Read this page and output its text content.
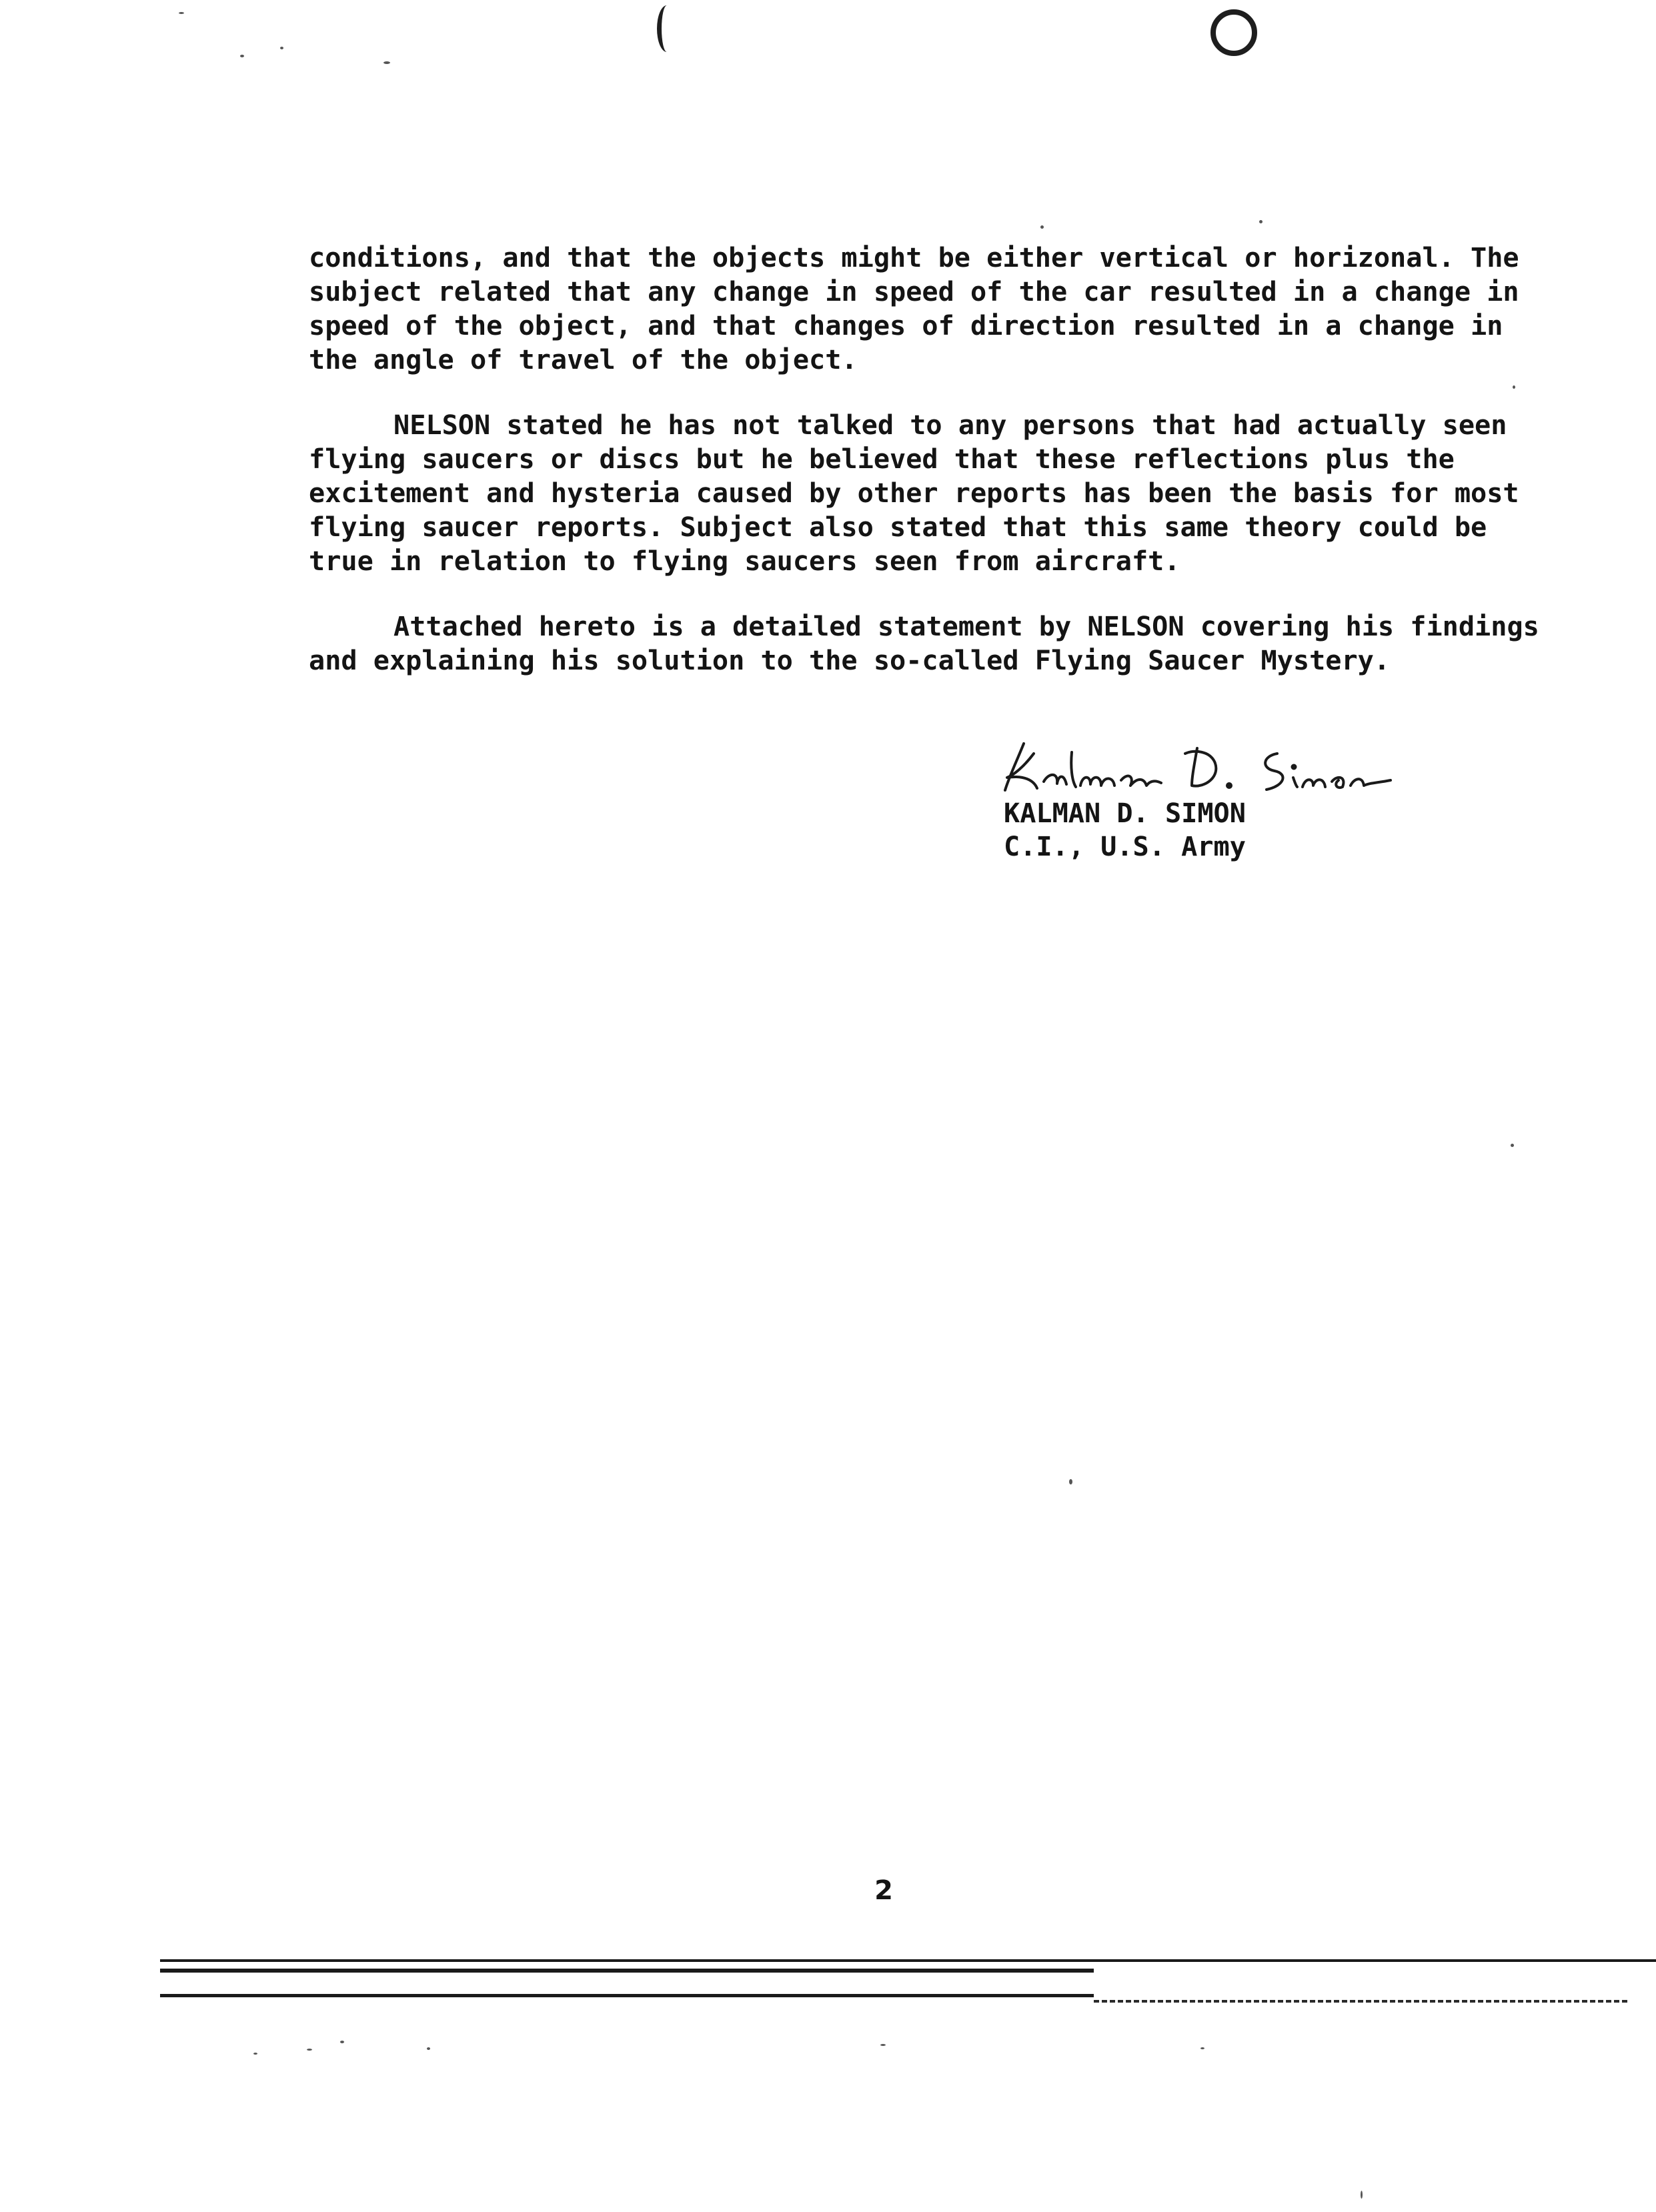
conditions, and that the objects might be either vertical or horizonal. The
subject related that any change in speed of the car resulted in a change in
speed of the object, and that changes of direction resulted in a change in
the angle of travel of the object.

NELSON stated he has not talked to any persons that had actually seen
flying saucers or discs but he believed that these reflections plus the
excitement and hysteria caused by other reports has been the basis for most
flying saucer reports. Subject also stated that this same theory could be
true in relation to flying saucers seen from aircraft.

Attached hereto is a detailed statement by NELSON covering his findings
and explaining his solution to the so-called Flying Saucer Mystery.

KALMAN D. SIMON
C.I., U.S. Army
2
